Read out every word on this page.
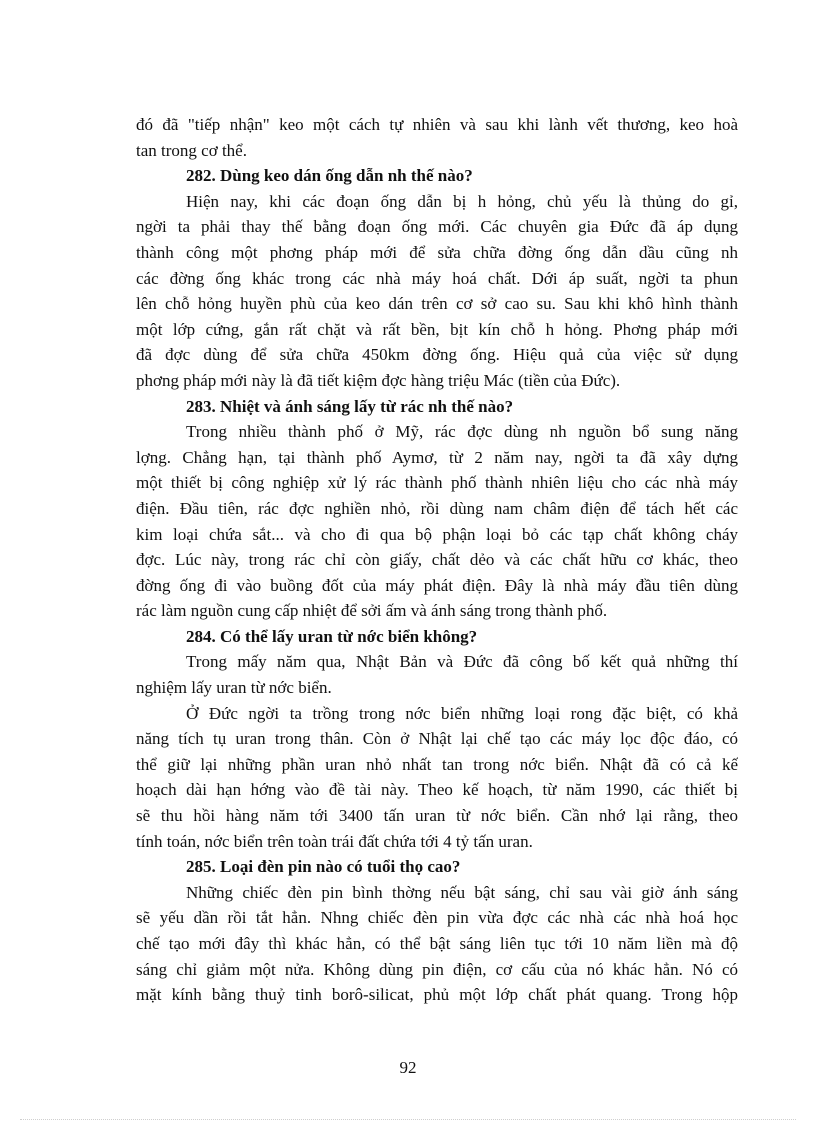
đó đã "tiếp nhận" keo một cách tự nhiên và sau khi lành vết thương, keo hoà
tan trong cơ thể.
282. Dùng keo dán ống dẫn nh thế nào?
Hiện nay, khi các đoạn ống dẫn bị h hỏng, chủ yếu là thủng do gỉ,
ngời ta phải thay thế bằng đoạn ống mới. Các chuyên gia Đức đã áp dụng
thành công một phơng pháp mới để sửa chữa đờng ống dẫn dầu cũng nh
các đờng ống khác trong các nhà máy hoá chất. Dới áp suất, ngời ta phun
lên chỗ hỏng huyền phù của keo dán trên cơ sở cao su. Sau khi khô hình thành
một lớp cứng, gắn rất chặt và rất bền, bịt kín chỗ h hỏng. Phơng pháp mới
đã đợc dùng để sửa chữa 450km đờng ống. Hiệu quả của việc sử dụng
phơng pháp mới này là đã tiết kiệm đợc hàng triệu Mác (tiền của Đức).
283. Nhiệt và ánh sáng lấy từ rác nh thế nào?
Trong nhiều thành phố ở Mỹ, rác đợc dùng nh nguồn bổ sung năng
lợng. Chẳng hạn, tại thành phố Aymơ, từ 2 năm nay, ngời ta đã xây dựng
một thiết bị công nghiệp xử lý rác thành phố thành nhiên liệu cho các nhà máy
điện. Đầu tiên, rác đợc nghiền nhỏ, rồi dùng nam châm điện để tách hết các
kim loại chứa sắt... và cho đi qua bộ phận loại bỏ các tạp chất không cháy
đợc. Lúc này, trong rác chỉ còn giấy, chất dẻo và các chất hữu cơ khác, theo
đờng ống đi vào buồng đốt của máy phát điện. Đây là nhà máy đầu tiên dùng
rác làm nguồn cung cấp nhiệt để sởi ấm và ánh sáng trong thành phố.
284. Có thể lấy uran từ nớc biển không?
Trong mấy năm qua, Nhật Bản và Đức đã công bố kết quả những thí
nghiệm lấy uran từ nớc biển.
Ở Đức ngời ta trồng trong nớc biển những loại rong đặc biệt, có khả
năng tích tụ uran trong thân. Còn ở Nhật lại chế tạo các máy lọc độc đáo, có
thể giữ lại những phần uran nhỏ nhất tan trong nớc biển. Nhật đã có cả kế
hoạch dài hạn hớng vào đề tài này. Theo kế hoạch, từ năm 1990, các thiết bị
sẽ thu hồi hàng năm tới 3400 tấn uran từ nớc biển. Cần nhớ lại rằng, theo
tính toán, nớc biển trên toàn trái đất chứa tới 4 tỷ tấn uran.
285. Loại đèn pin nào có tuổi thọ cao?
Những chiếc đèn pin bình thờng nếu bật sáng, chỉ sau vài giờ ánh sáng
sẽ yếu dần rồi tắt hẳn. Nhng chiếc đèn pin vừa đợc các nhà các nhà hoá học
chế tạo mới đây thì khác hẳn, có thể bật sáng liên tục tới 10 năm liền mà độ
sáng chỉ giảm một nửa. Không dùng pin điện, cơ cấu của nó khác hẳn. Nó có
mặt kính bằng thuỷ tinh borô-silicat, phủ một lớp chất phát quang. Trong hộp
92
